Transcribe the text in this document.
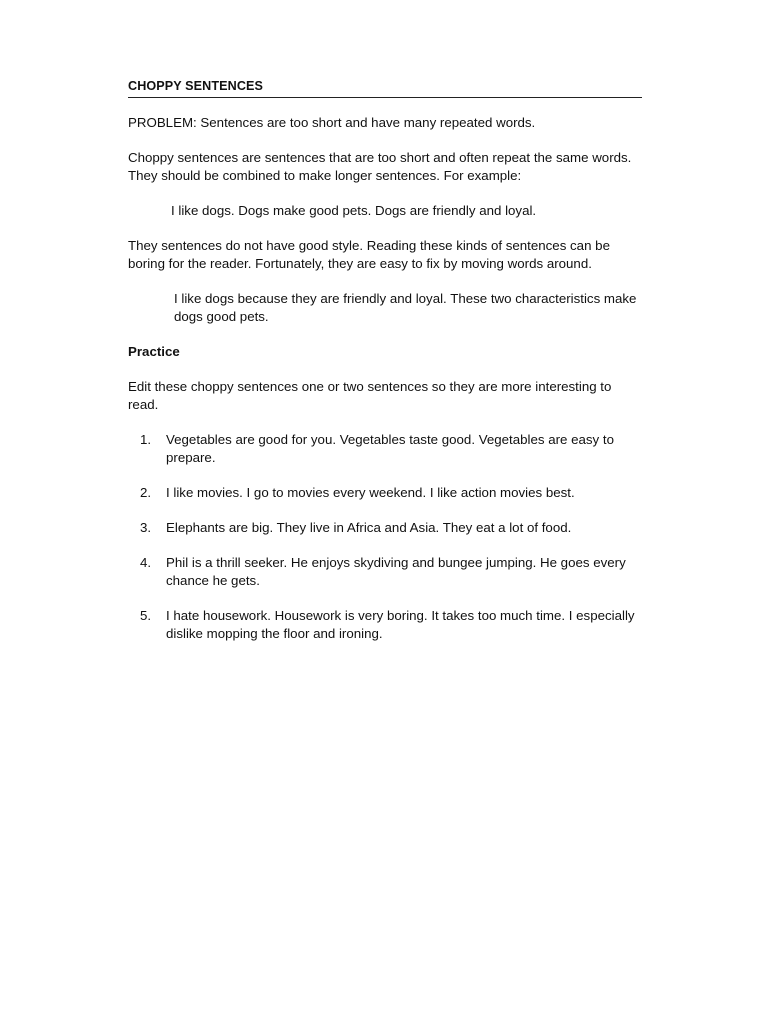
CHOPPY SENTENCES

PROBLEM: Sentences are too short and have many repeated words.

Choppy sentences are sentences that are too short and often repeat the same words. They should be combined to make longer sentences. For example:

I like dogs. Dogs make good pets. Dogs are friendly and loyal.

They sentences do not have good style. Reading these kinds of sentences can be boring for the reader. Fortunately, they are easy to fix by moving words around.

I like dogs because they are friendly and loyal. These two characteristics make dogs good pets.

Practice

Edit these choppy sentences one or two sentences so they are more interesting to read.

1.	Vegetables are good for you. Vegetables taste good. Vegetables are easy to prepare.
2.	I like movies. I go to movies every weekend. I like action movies best.
3.	Elephants are big. They live in Africa and Asia. They eat a lot of food.
4.	Phil is a thrill seeker. He enjoys skydiving and bungee jumping. He goes every chance he gets.
5.	I hate housework. Housework is very boring. It takes too much time. I especially dislike mopping the floor and ironing.
